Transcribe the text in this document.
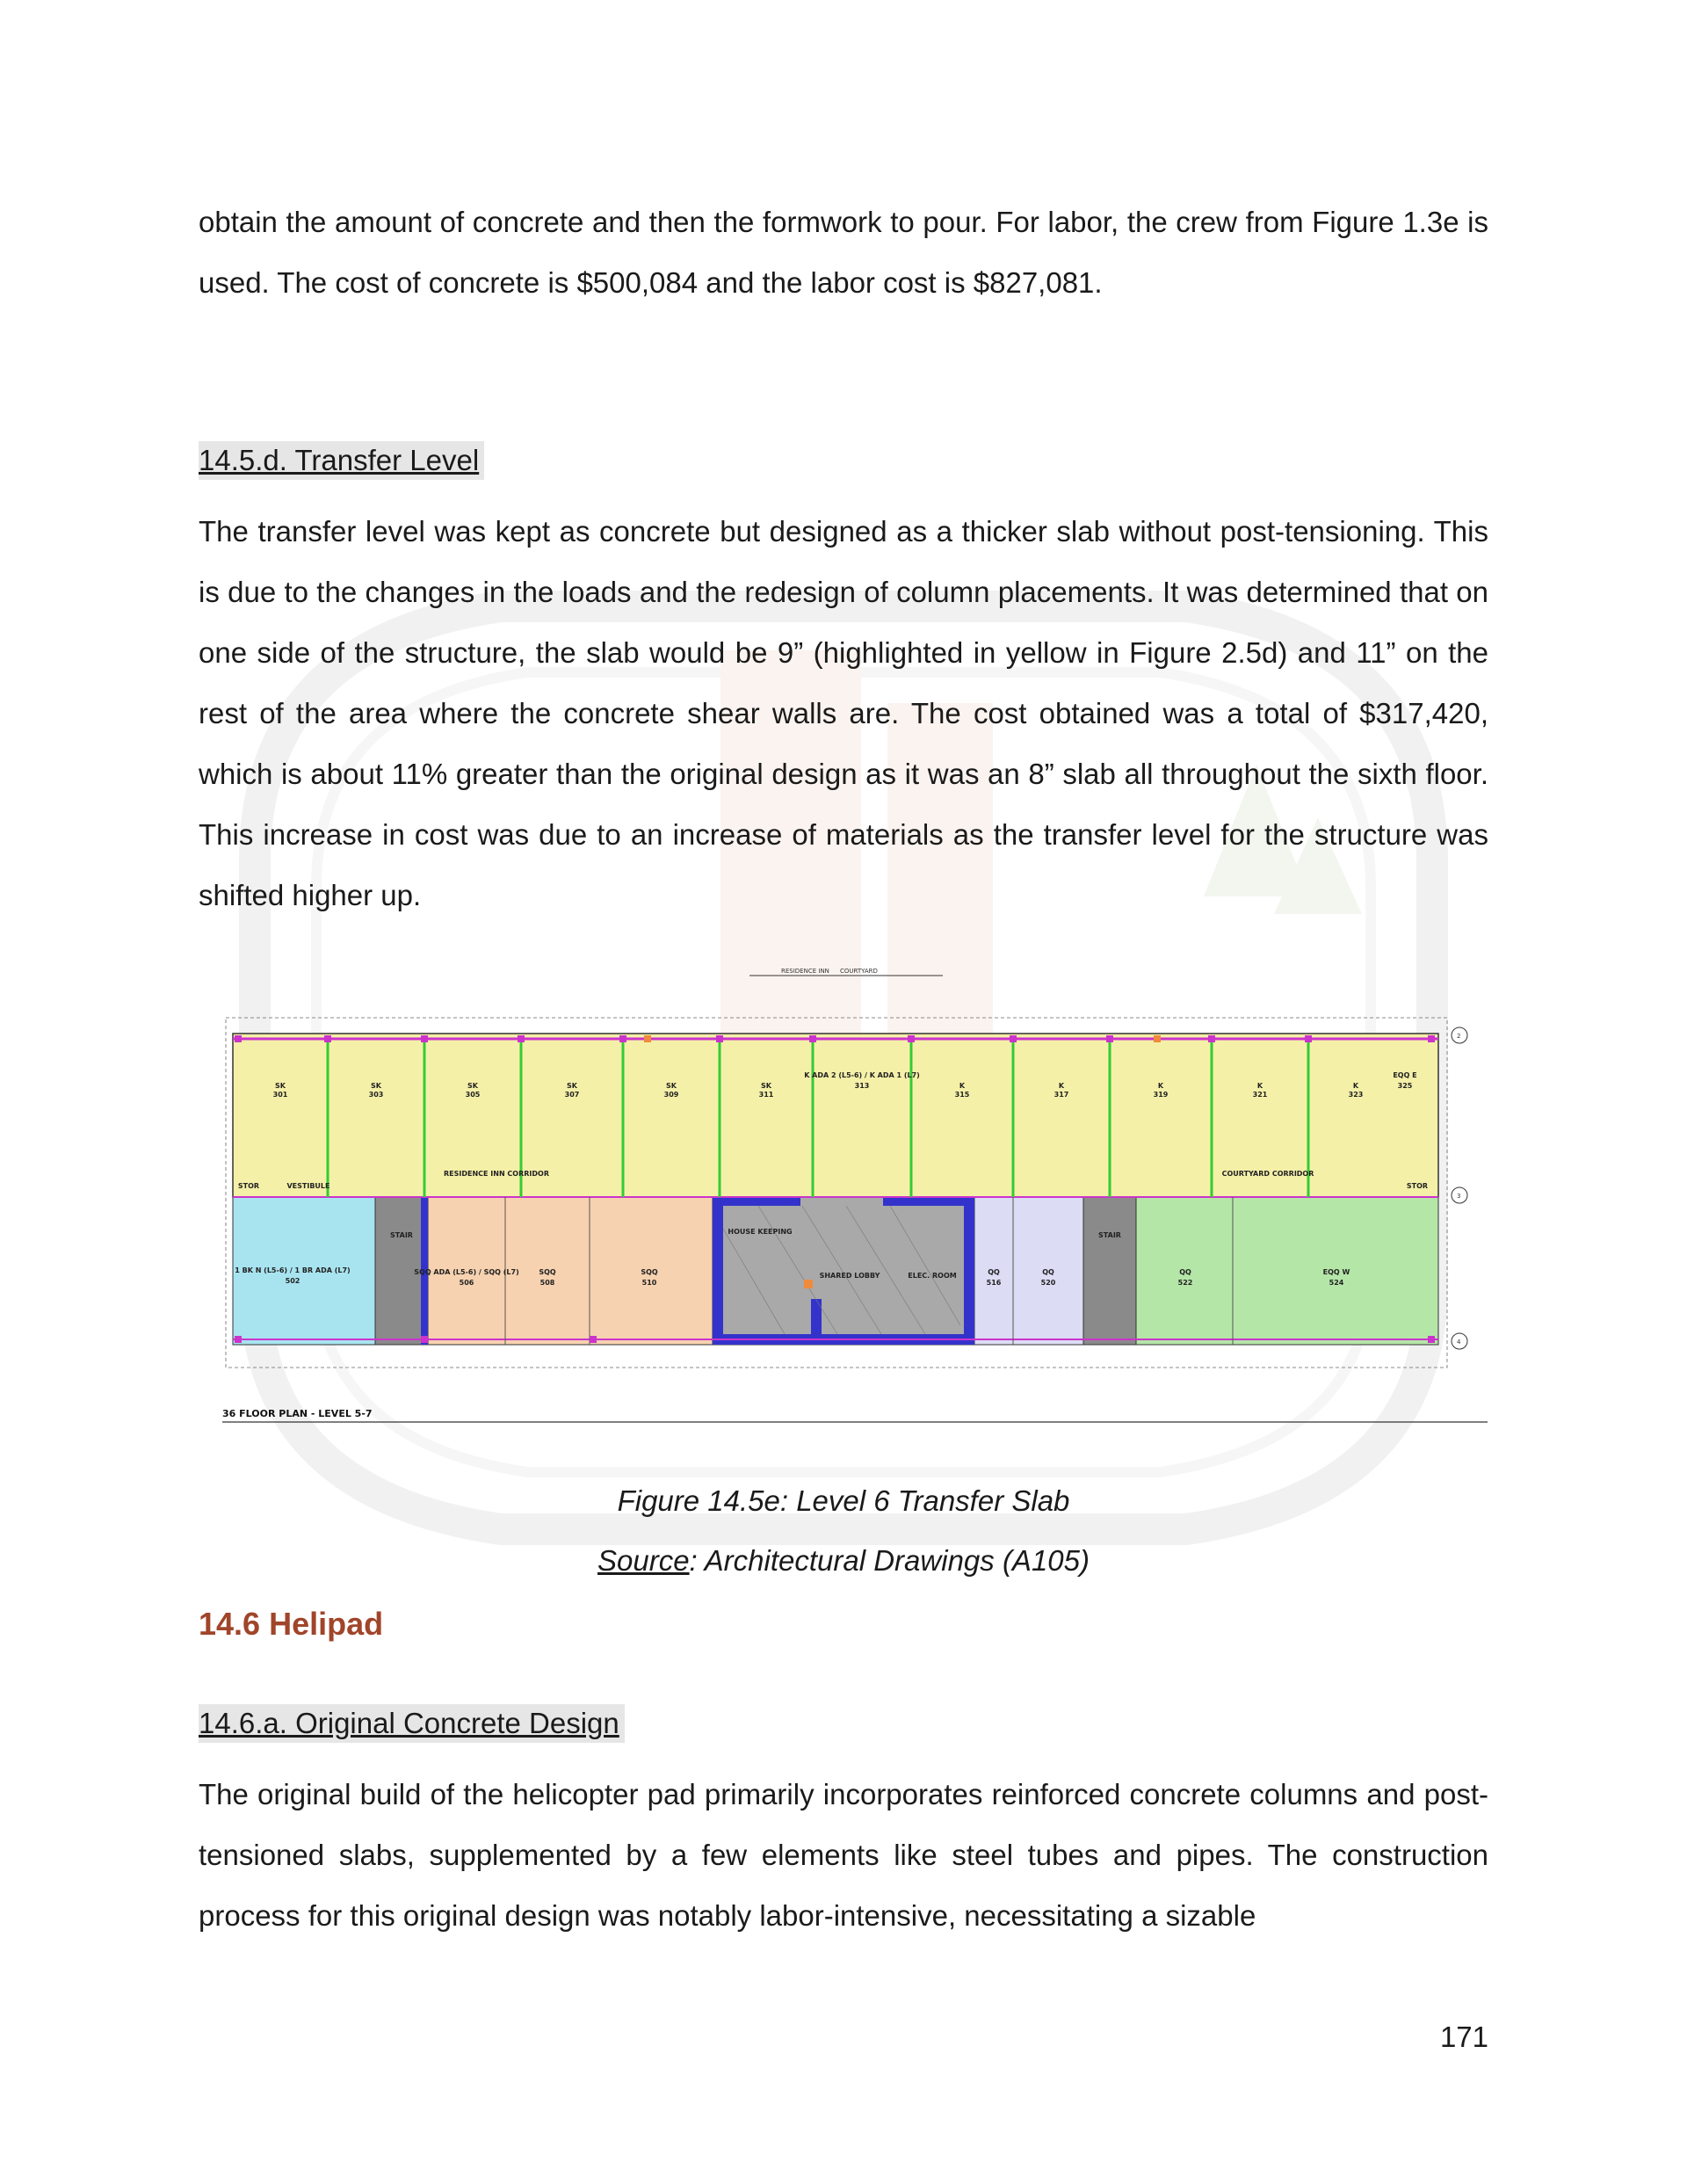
obtain the amount of concrete and then the formwork to pour. For labor, the crew from Figure 1.3e is used. The cost of concrete is $500,084 and the labor cost is $827,081.

14.5.d. Transfer Level

The transfer level was kept as concrete but designed as a thicker slab without post-tensioning. This is due to the changes in the loads and the redesign of column placements. It was determined that on one side of the structure, the slab would be 9” (highlighted in yellow in Figure 2.5d) and 11” on the rest of the area where the concrete shear walls are. The cost obtained was a total of $317,420, which is about 11% greater than the original design as it was an 8” slab all throughout the sixth floor. This increase in cost was due to an increase of materials as the transfer level for the structure was shifted higher up.

RESIDENCE INN COURTYARD
SK
301
SK
303
SK
305
SK
307
SK
309
SK
311
K ADA 2 (L5-6) / K ADA 1 (L7)
313	K
315
K
317
K
319
K
321
K
323
EQQ E
325
RESIDENCE INN CORRIDOR	COURTYARD CORRIDOR
STOR	STOR
VESTIBULE
1 BK N (L5-6) / 1 BR ADA (L7)
502
STAIR
SQQ ADA (L5-6) / SQQ (L7)
506
SQQ
508
SQQ
510
HOUSE KEEPING
SHARED LOBBY	ELEC. ROOM	QQ
516
QQ
520
STAIR
QQ
522
EQQ W
524
2
3
4
36 FLOOR PLAN - LEVEL 5-7
Figure 14.5e: Level 6 Transfer Slab
Source: Architectural Drawings (A105)
14.6 Helipad
14.6.a. Original Concrete Design

The original build of the helicopter pad primarily incorporates reinforced concrete columns and post-tensioned slabs, supplemented by a few elements like steel tubes and pipes. The construction process for this original design was notably labor-intensive, necessitating a sizable

171
